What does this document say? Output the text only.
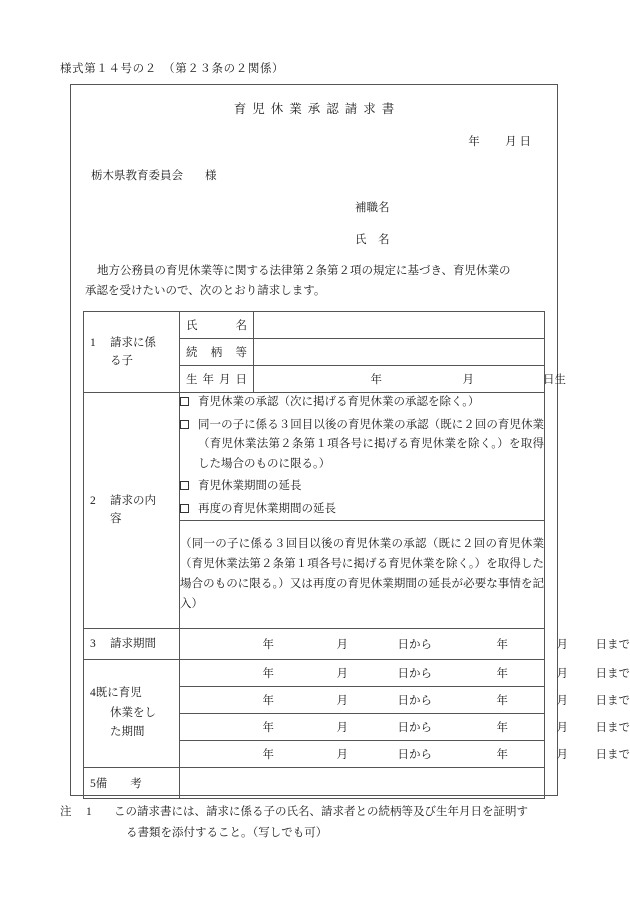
様式第１４号の２　（第２３条の２関係）
育児休業承認請求書
年 月 日
栃木県教育委員会 様
補職名
氏　名
地方公務員の育児休業等に関する法律第２条第２項の規定に基づき、育児休業の
承認を受けたいので、次のとおり請求します。
1 請求に係
る子	氏 名	

	続 柄 等	

	生 年 月 日	年 月 日生

2 請求の内
容

育児休業の承認（次に掲げる育児休業の承認を除く。）
同一の子に係る３回目以後の育児休業の承認（既に２回の育児休業（育児休業法第２条第１項各号に掲げる育児休業を除く。）を取得した場合のものに限る。）
育児休業期間の延長
再度の育児休業期間の延長

	（同一の子に係る３回目以後の育児休業の承認（既に２回の育児休業（育児休業法第２条第１項各号に掲げる育児休業を除く。）を取得した場合のものに限る。）又は再度の育児休業期間の延長が必要な事情を記入）	

3 請求期間	年 月 日から 年 月 日まで	

4既に育児
休業をし
た期間	年 月 日から 年 月 日まで	

	年 月 日から 年 月 日まで	

	年 月 日から 年 月 日まで	

	年 月 日から 年 月 日まで	

5備　　考		

注	1	この請求書には、請求に係る子の氏名、請求者との続柄等及び生年月日を証明す
る書類を添付すること。（写しでも可）
